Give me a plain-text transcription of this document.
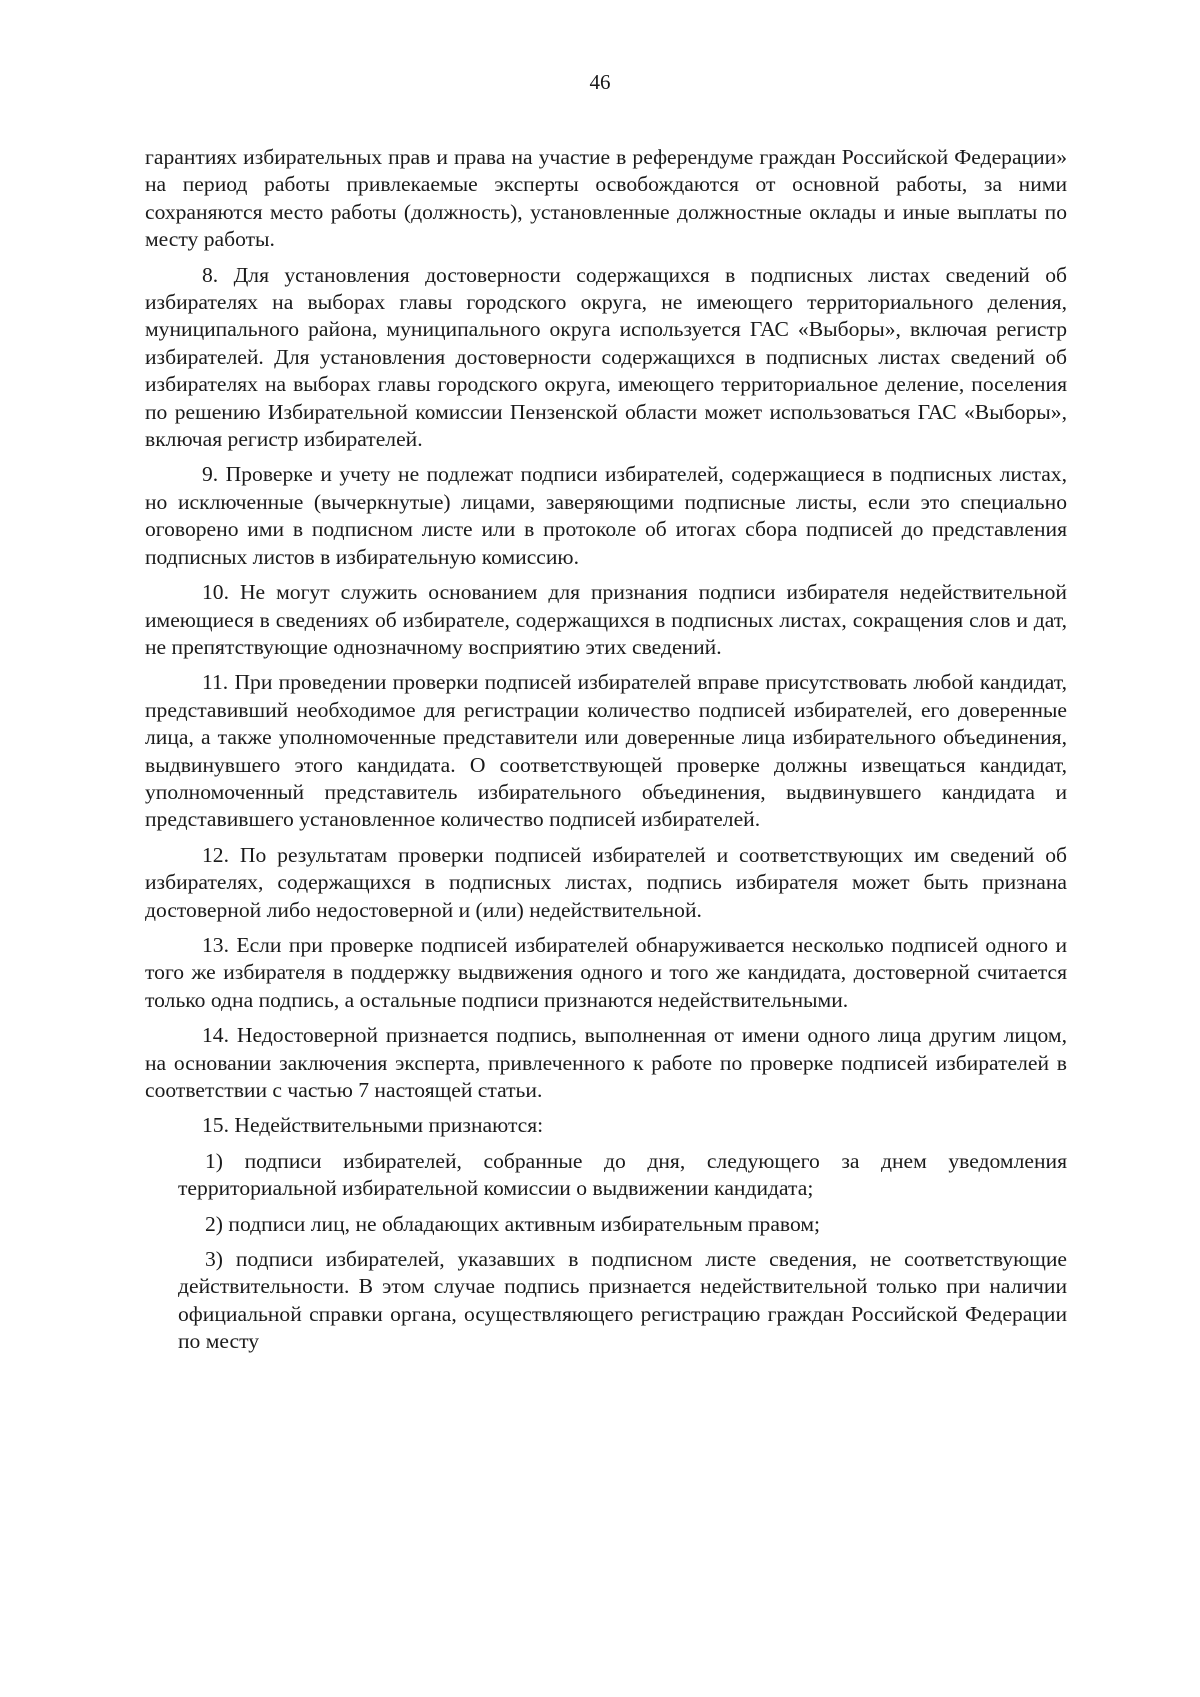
46

гарантиях избирательных прав и права на участие в референдуме граждан Российской Федерации» на период работы привлекаемые эксперты освобождаются от основной работы, за ними сохраняются место работы (должность), установленные должностные оклады и иные выплаты по месту работы.

8. Для установления достоверности содержащихся в подписных листах сведений об избирателях на выборах главы городского округа, не имеющего территориального деления, муниципального района, муниципального округа используется ГАС «Выборы», включая регистр избирателей. Для установления достоверности содержащихся в подписных листах сведений об избирателях на выборах главы городского округа, имеющего территориальное деление, поселения по решению Избирательной комиссии Пензенской области может использоваться ГАС «Выборы», включая регистр избирателей.

9. Проверке и учету не подлежат подписи избирателей, содержащиеся в подписных листах, но исключенные (вычеркнутые) лицами, заверяющими подписные листы, если это специально оговорено ими в подписном листе или в протоколе об итогах сбора подписей до представления подписных листов в избирательную комиссию.

10. Не могут служить основанием для признания подписи избирателя недействительной имеющиеся в сведениях об избирателе, содержащихся в подписных листах, сокращения слов и дат, не препятствующие однозначному восприятию этих сведений.

11. При проведении проверки подписей избирателей вправе присутствовать любой кандидат, представивший необходимое для регистрации количество подписей избирателей, его доверенные лица, а также уполномоченные представители или доверенные лица избирательного объединения, выдвинувшего этого кандидата. О соответствующей проверке должны извещаться кандидат, уполномоченный представитель избирательного объединения, выдвинувшего кандидата и представившего установленное количество подписей избирателей.

12. По результатам проверки подписей избирателей и соответствующих им сведений об избирателях, содержащихся в подписных листах, подпись избирателя может быть признана достоверной либо недостоверной и (или) недействительной.

13. Если при проверке подписей избирателей обнаруживается несколько подписей одного и того же избирателя в поддержку выдвижения одного и того же кандидата, достоверной считается только одна подпись, а остальные подписи признаются недействительными.

14. Недостоверной признается подпись, выполненная от имени одного лица другим лицом, на основании заключения эксперта, привлеченного к работе по проверке подписей избирателей в соответствии с частью 7 настоящей статьи.

15. Недействительными признаются:

1) подписи избирателей, собранные до дня, следующего за днем уведомления территориальной избирательной комиссии о выдвижении кандидата;

2) подписи лиц, не обладающих активным избирательным правом;

3) подписи избирателей, указавших в подписном листе сведения, не соответствующие действительности. В этом случае подпись признается недействительной только при наличии официальной справки органа, осуществляющего регистрацию граждан Российской Федерации по месту
